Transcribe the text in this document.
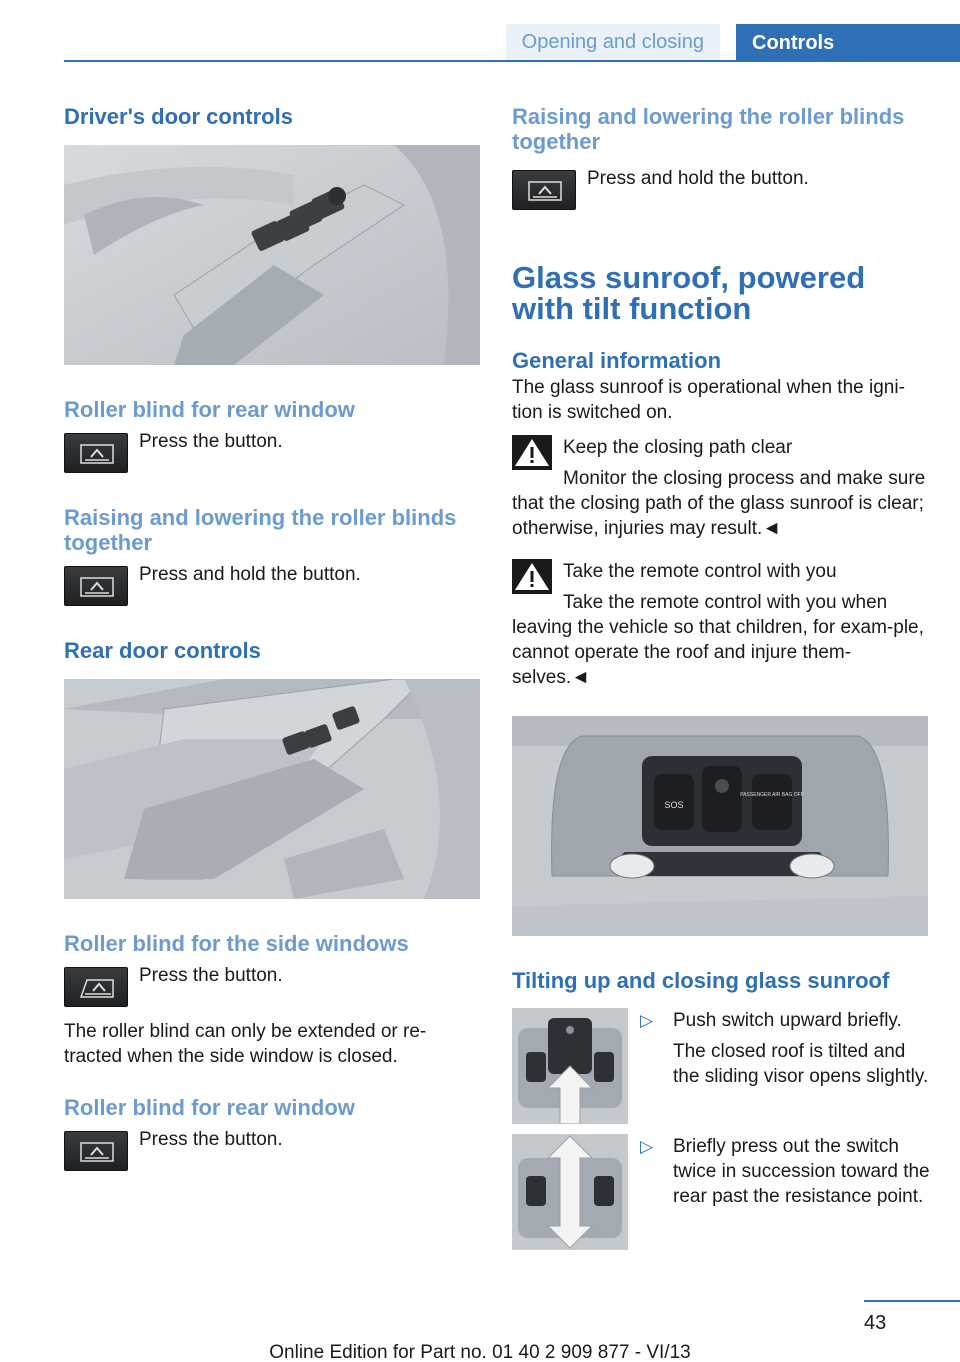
Opening and closing	Controls
Driver's door controls
Roller blind for rear window
Press the button.
Raising and lowering the roller blinds together
Press and hold the button.
Rear door controls
Roller blind for the side windows
Press the button.

The roller blind can only be extended or re-tracted when the side window is closed.

Roller blind for rear window
Press the button.
Raising and lowering the roller blinds together
Press and hold the button.
Glass sunroof, powered with tilt function
General information

The glass sunroof is operational when the igni-tion is switched on.

Keep the closing path clear

Monitor the closing process and make sure that the closing path of the glass sunroof is clear; otherwise, injuries may result.◄

Take the remote control with you

Take the remote control with you when leaving the vehicle so that children, for exam-ple, cannot operate the roof and injure them-selves.◄

SOS
PASSENGER AIR BAG OFF
Tilting up and closing glass sunroof
▷ Push switch upward briefly.
The closed roof is tilted and the sliding visor opens slightly.
▷ Briefly press out the switch twice in succession toward the rear past the resistance point.
43
Online Edition for Part no. 01 40 2 909 877 - VI/13
